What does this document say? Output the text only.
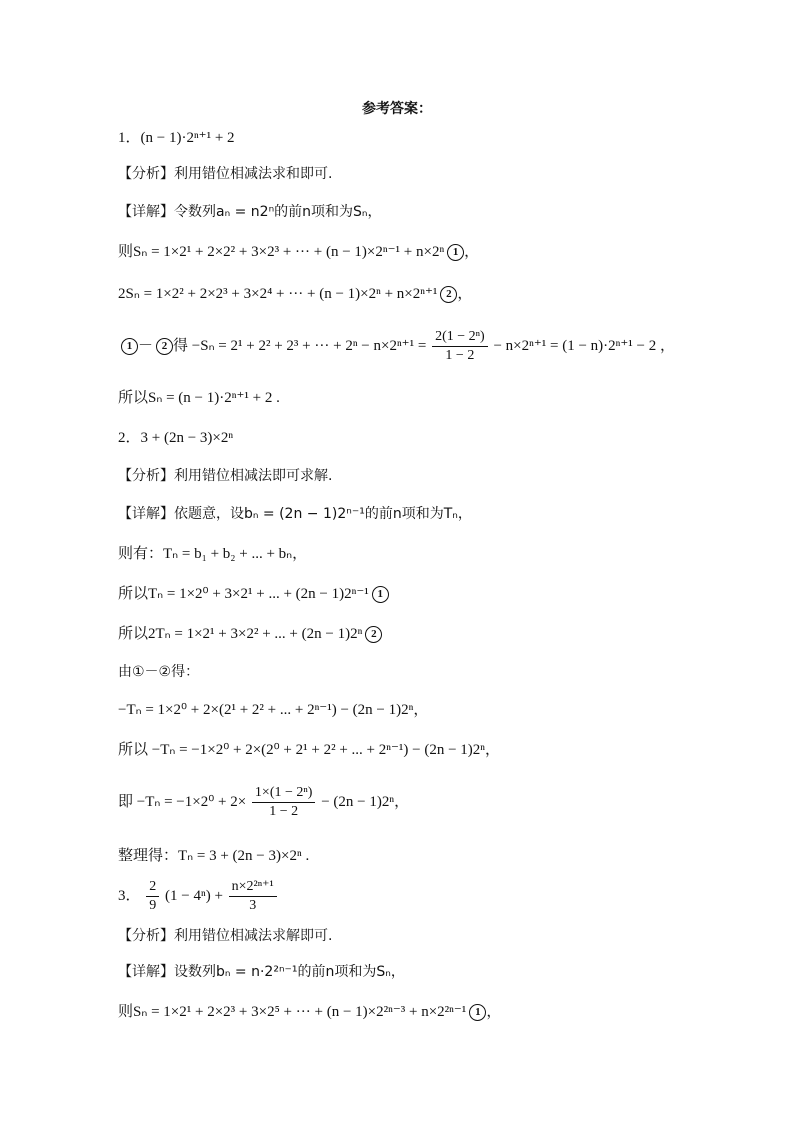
参考答案：
1．(n − 1)·2ⁿ⁺¹ + 2
【分析】利用错位相减法求和即可.
【详解】令数列aₙ = n2ⁿ的前n项和为Sₙ，
则Sₙ = 1×2¹ + 2×2² + 3×2³ + ··· + (n − 1)×2ⁿ⁻¹ + n×2ⁿ 1 ，
2Sₙ = 1×2² + 2×2³ + 3×2⁴ + ··· + (n − 1)×2ⁿ + n×2ⁿ⁺¹ 2 ，
1 － 2 得 −Sₙ = 2¹ + 2² + 2³ + ··· + $2^n - n\times 2^{n+1} = \frac{\text{2(1 − 2ⁿ)}}{1 - 2} - n\times 2^{n+1} = (1 - n)\cdot 2^{n+1} - 2$ ，
所以Sₙ = (n − 1)·2ⁿ⁺¹ + 2 .
2．3 + (2n − 3)×2ⁿ
【分析】利用错位相减法即可求解.
【详解】依题意，设bₙ = (2n − 1)2ⁿ⁻¹的前n项和为Tₙ，
则有：Tₙ = b₁ + b₂ + ... + bₙ，
所以Tₙ = 1×2⁰ + 3×2¹ + ... + (2n − 1)2ⁿ⁻¹ 1
所以2Tₙ = 1×2¹ + 3×2² + ... + (2n − 1)2ⁿ 2
由①－②得：
−Tₙ = 1×2⁰ + 2×(2¹ + 2² + ... + 2ⁿ⁻¹) − (2n − 1)2ⁿ，
所以 −Tₙ = −1×2⁰ + 2×(2⁰ + 2¹ + 2² + ... + 2ⁿ⁻¹) − (2n − 1)2ⁿ，
即 $-T_n = -1\times 2^0 + 2\times \frac{\text{1×(1 − 2ⁿ)}}{1 - 2} - (2n - 1)2^n$，
整理得：Tₙ = 3 + (2n − 3)×2ⁿ .
3． $\frac{2}{9} (1 - 4^n) + \frac{\text{n×2²ⁿ⁺¹}}{3}$
【分析】利用错位相减法求解即可.
【详解】设数列bₙ = n·2²ⁿ⁻¹的前n项和为Sₙ，
则Sₙ = 1×2¹ + 2×2³ + 3×2⁵ + ··· + (n − 1)×2²ⁿ⁻³ + n×2²ⁿ⁻¹ 1 ，
